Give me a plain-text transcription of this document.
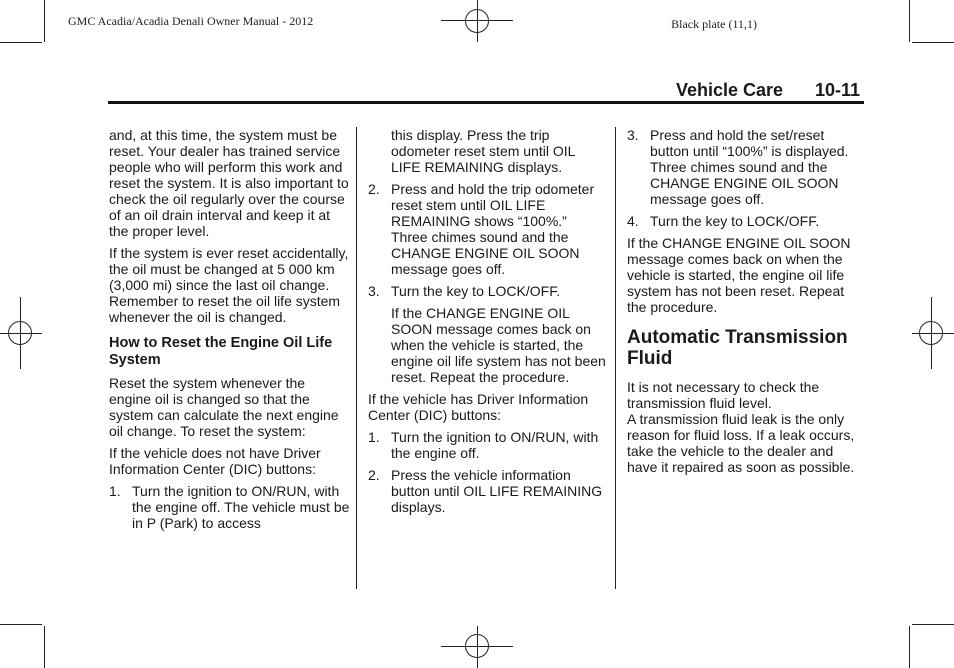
GMC Acadia/Acadia Denali Owner Manual - 2012	Black plate (11,1)
Vehicle Care 10-11

and, at this time, the system must be reset. Your dealer has trained service people who will perform this work and reset the system. It is also important to check the oil regularly over the course of an oil drain interval and keep it at the proper level.

If the system is ever reset accidentally, the oil must be changed at 5 000 km (3,000 mi) since the last oil change. Remember to reset the oil life system whenever the oil is changed.

How to Reset the Engine Oil Life System

Reset the system whenever the engine oil is changed so that the system can calculate the next engine oil change. To reset the system:

If the vehicle does not have Driver Information Center (DIC) buttons:

1. Turn the ignition to ON/RUN, with the engine off. The vehicle must be in P (Park) to access

this display. Press the trip odometer reset stem until OIL LIFE REMAINING displays.

2. Press and hold the trip odometer reset stem until OIL LIFE REMAINING shows “100%.” Three chimes sound and the CHANGE ENGINE OIL SOON message goes off.
3. Turn the key to LOCK/OFF.

If the CHANGE ENGINE OIL SOON message comes back on when the vehicle is started, the engine oil life system has not been reset. Repeat the procedure.

If the vehicle has Driver Information Center (DIC) buttons:

1. Turn the ignition to ON/RUN, with the engine off.
2. Press the vehicle information button until OIL LIFE REMAINING displays.
3. Press and hold the set/reset button until “100%” is displayed. Three chimes sound and the CHANGE ENGINE OIL SOON message goes off.
4. Turn the key to LOCK/OFF.

If the CHANGE ENGINE OIL SOON message comes back on when the vehicle is started, the engine oil life system has not been reset. Repeat the procedure.

Automatic Transmission Fluid

It is not necessary to check the transmission fluid level.

A transmission fluid leak is the only reason for fluid loss. If a leak occurs, take the vehicle to the dealer and have it repaired as soon as possible.
